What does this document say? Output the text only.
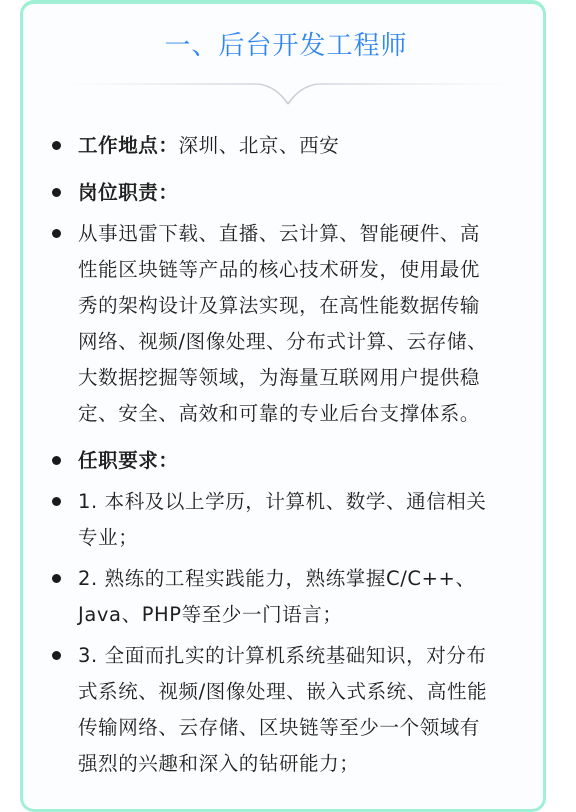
一、后台开发工程师
工作地点：深圳、北京、西安
岗位职责：
从事迅雷下载、直播、云计算、智能硬件、高
性能区块链等产品的核心技术研发，使用最优
秀的架构设计及算法实现，在高性能数据传输
网络、视频/图像处理、分布式计算、云存储、
大数据挖掘等领域，为海量互联网用户提供稳
定、安全、高效和可靠的专业后台支撑体系。
任职要求：
1. 本科及以上学历，计算机、数学、通信相关
专业；
2. 熟练的工程实践能力，熟练掌握C/C++、
Java、PHP等至少一门语言；
3. 全面而扎实的计算机系统基础知识，对分布
式系统、视频/图像处理、嵌入式系统、高性能
传输网络、云存储、区块链等至少一个领域有
强烈的兴趣和深入的钻研能力；
